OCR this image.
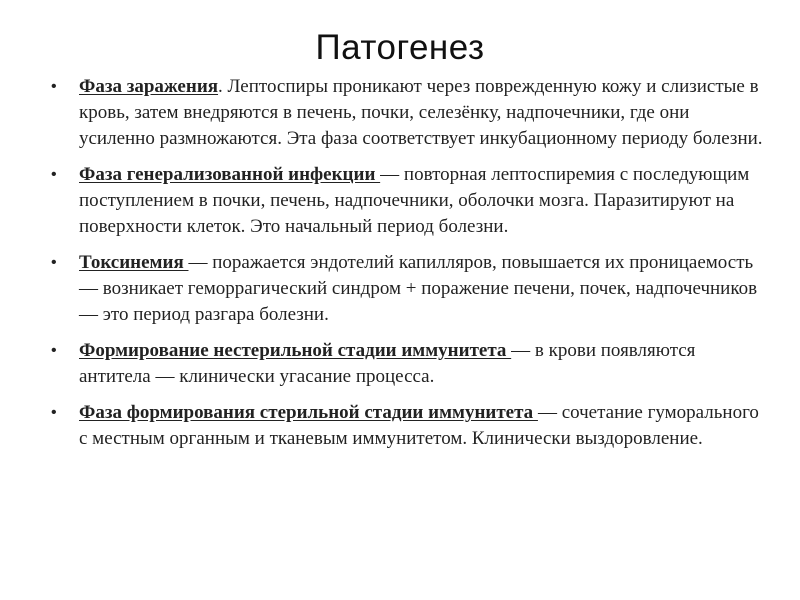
Патогенез
• Фаза заражения. Лептоспиры проникают через поврежденную кожу и слизистые в кровь, затем внедряются в печень, почки, селезёнку, надпочечники, где они усиленно размножаются. Эта фаза соответствует инкубационному периоду болезни.
• Фаза генерализованной инфекции — повторная лептоспиремия с последующим поступлением в почки, печень, надпочечники, оболочки мозга. Паразитируют на поверхности клеток. Это начальный период болезни.
• Токсинемия — поражается эндотелий капилляров, повышается их проницаемость — возникает геморрагический синдром + поражение печени, почек, надпочечников — это период разгара болезни.
• Формирование нестерильной стадии иммунитета — в крови появляются антитела — клинически угасание процесса.
• Фаза формирования стерильной стадии иммунитета — сочетание гуморального с местным органным и тканевым иммунитетом. Клинически выздоровление.
